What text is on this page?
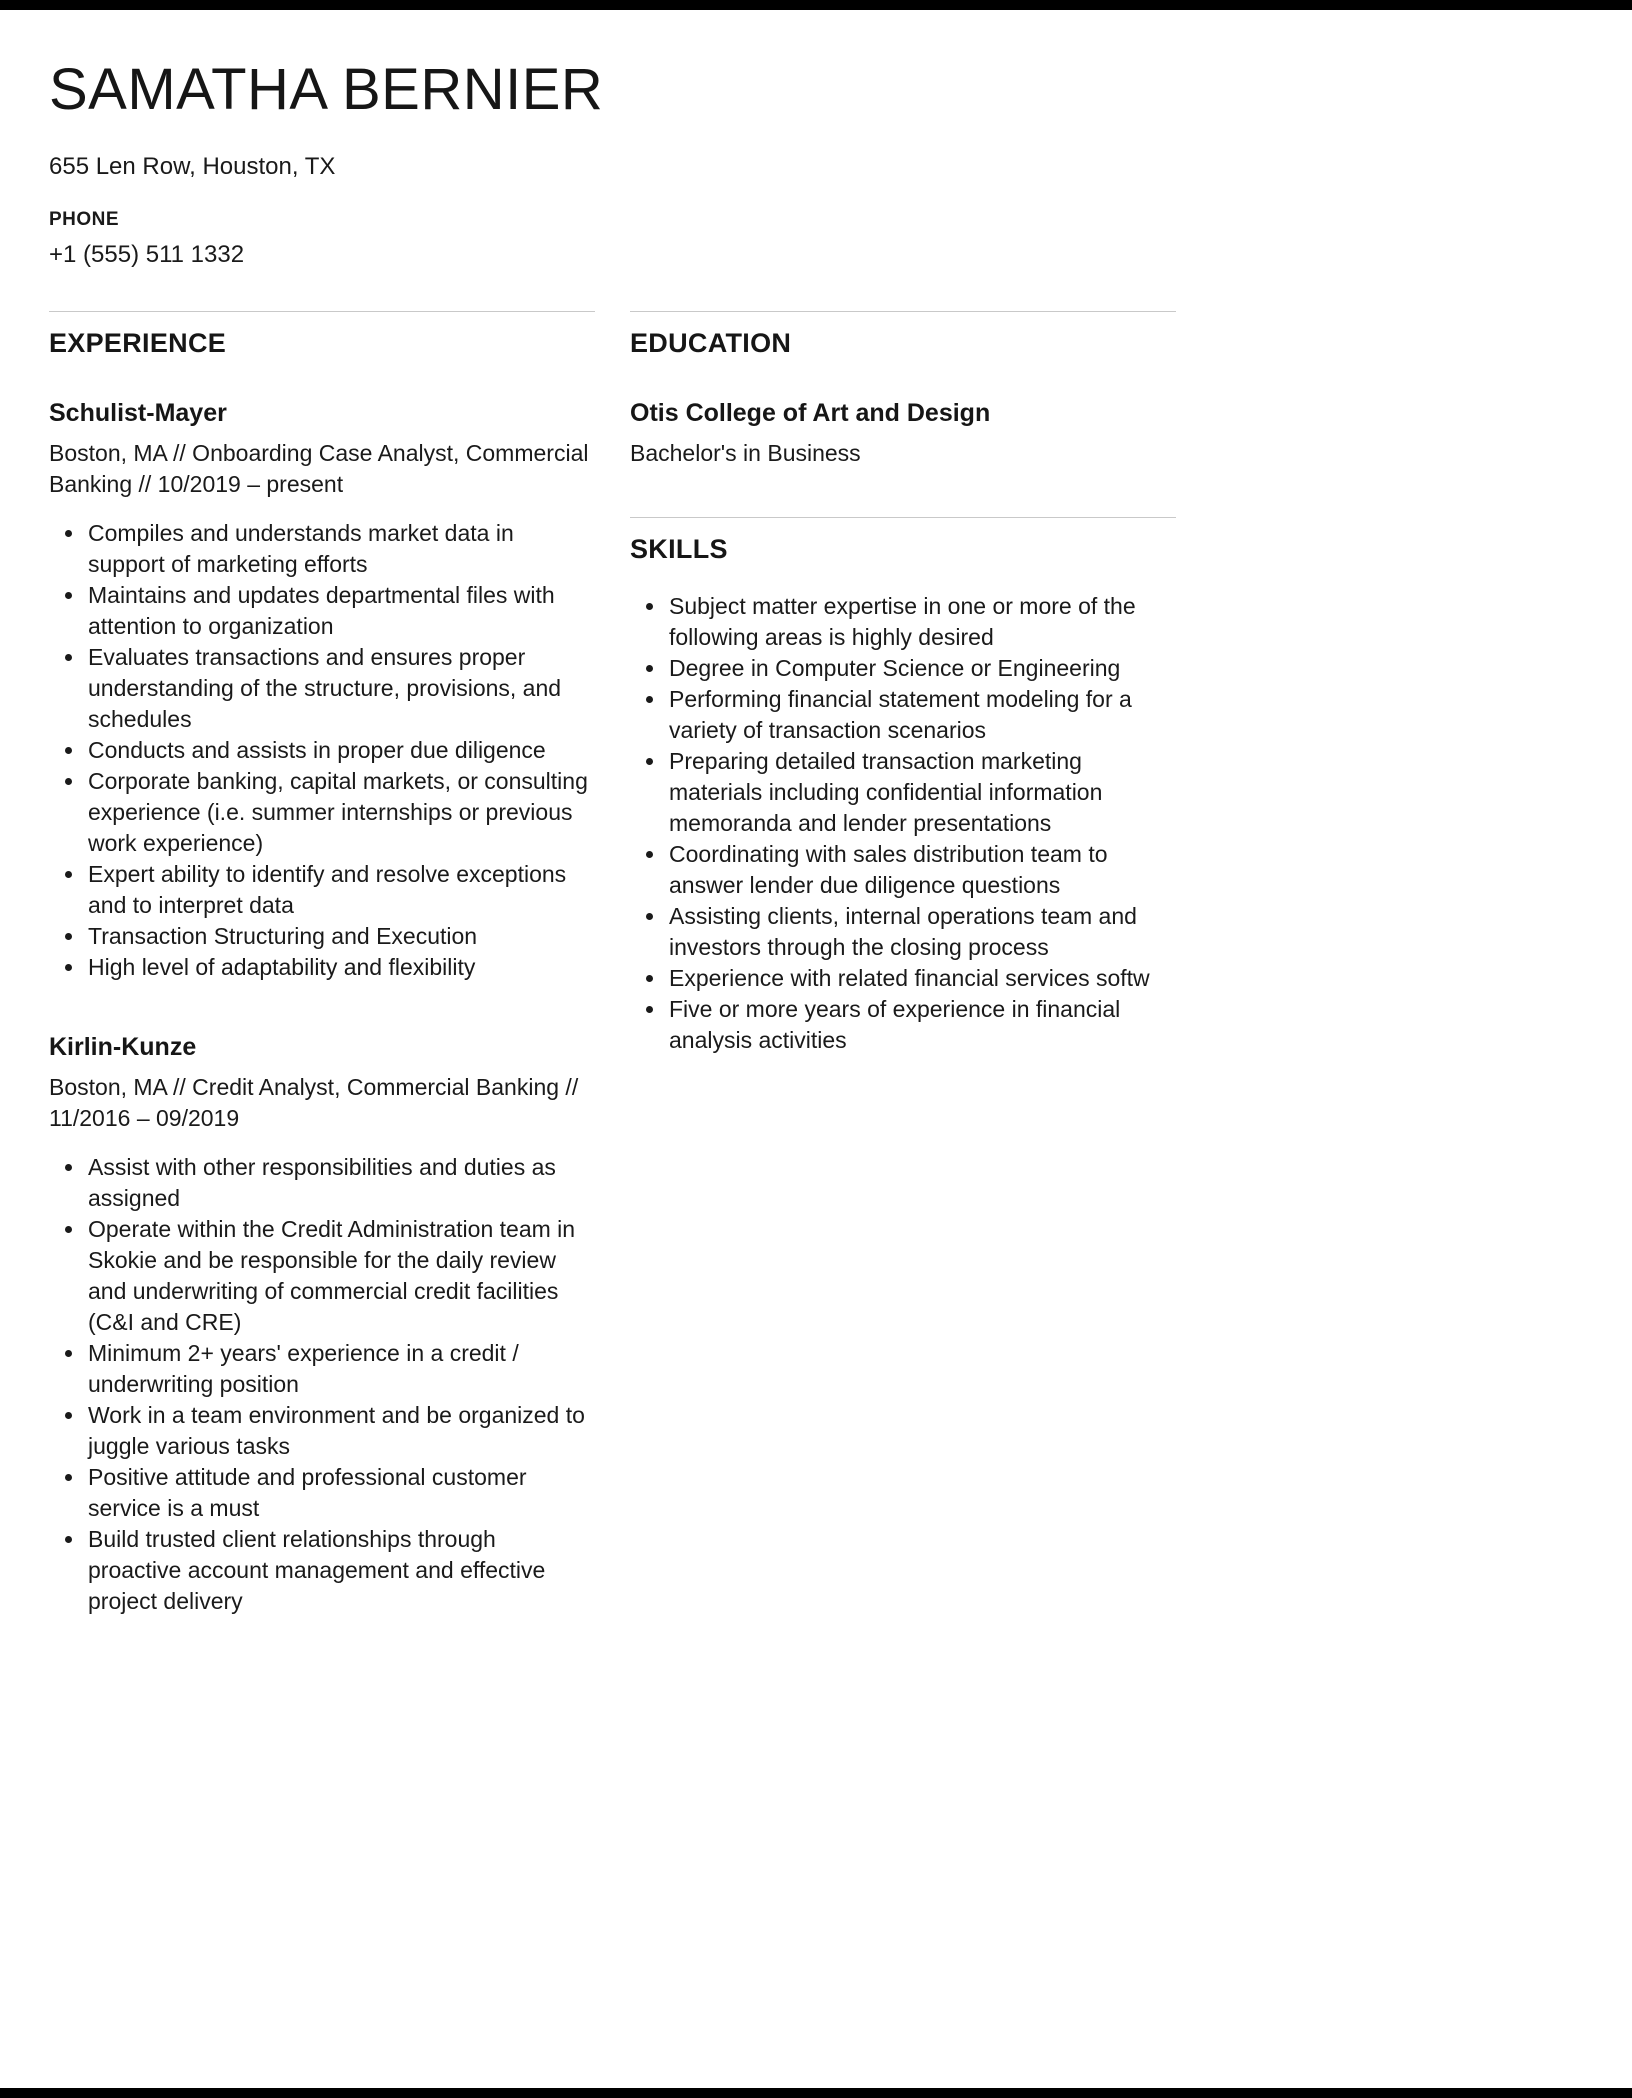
SAMATHA BERNIER
655 Len Row, Houston, TX
PHONE
+1 (555) 511 1332
EXPERIENCE
Schulist-Mayer
Boston, MA // Onboarding Case Analyst, Commercial Banking // 10/2019 – present
• Compiles and understands market data in support of marketing efforts
• Maintains and updates departmental files with attention to organization
• Evaluates transactions and ensures proper understanding of the structure, provisions, and schedules
• Conducts and assists in proper due diligence
• Corporate banking, capital markets, or consulting experience (i.e. summer internships or previous work experience)
• Expert ability to identify and resolve exceptions and to interpret data
• Transaction Structuring and Execution
• High level of adaptability and flexibility
Kirlin-Kunze
Boston, MA // Credit Analyst, Commercial Banking // 11/2016 – 09/2019
• Assist with other responsibilities and duties as assigned
• Operate within the Credit Administration team in Skokie and be responsible for the daily review and underwriting of commercial credit facilities (C&I and CRE)
• Minimum 2+ years' experience in a credit / underwriting position
• Work in a team environment and be organized to juggle various tasks
• Positive attitude and professional customer service is a must
• Build trusted client relationships through proactive account management and effective project delivery
EDUCATION
Otis College of Art and Design
Bachelor's in Business
SKILLS
• Subject matter expertise in one or more of the following areas is highly desired
• Degree in Computer Science or Engineering
• Performing financial statement modeling for a variety of transaction scenarios
• Preparing detailed transaction marketing materials including confidential information memoranda and lender presentations
• Coordinating with sales distribution team to answer lender due diligence questions
• Assisting clients, internal operations team and investors through the closing process
• Experience with related financial services softw
• Five or more years of experience in financial analysis activities
